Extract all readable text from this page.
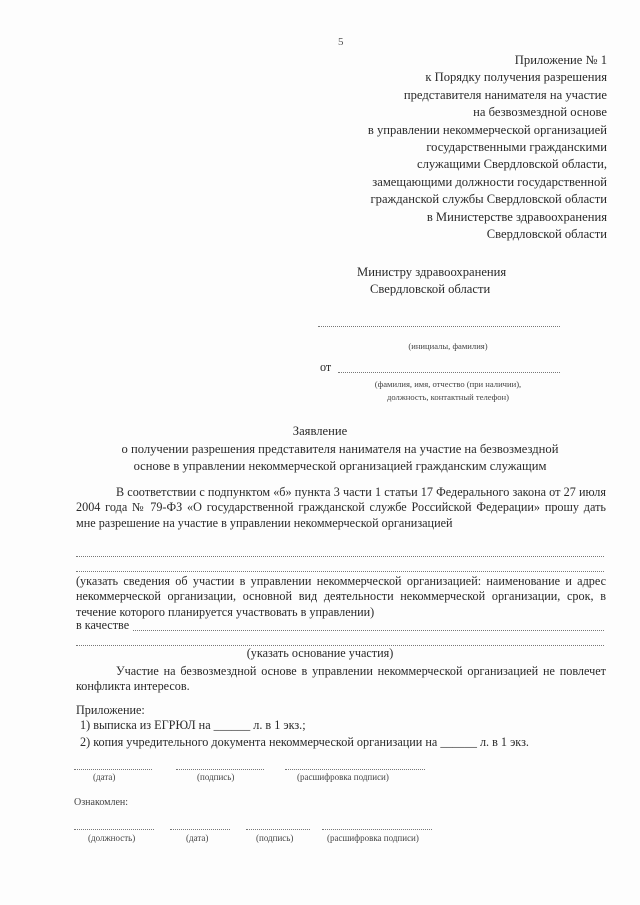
5
Приложение № 1
к Порядку получения разрешения
представителя нанимателя на участие
на безвозмездной основе
в управлении некоммерческой организацией
государственными гражданскими
служащими Свердловской области,
замещающими должности государственной
гражданской службы Свердловской области
в Министерстве здравоохранения
Свердловской области
Министру здравоохранения
Свердловской области
(инициалы, фамилия)
от
(фамилия, имя, отчество (при наличии),
должность, контактный телефон)
Заявление
о получении разрешения представителя нанимателя на участие на безвозмездной
основе в управлении некоммерческой организацией гражданским служащим
В соответствии с подпунктом «б» пункта 3 части 1 статьи 17 Федерального закона от 27 июля 2004 года № 79-ФЗ «О государственной гражданской службе Российской Федерации» прошу дать мне разрешение на участие в управлении некоммерческой организацией
(указать сведения об участии в управлении некоммерческой организацией: наименование и адрес некоммерческой организации, основной вид деятельности некоммерческой организации, срок, в течение которого планируется участвовать в управлении)
в качестве
(указать основание участия)
Участие на безвозмездной основе в управлении некоммерческой организацией не повлечет конфликта интересов.
Приложение:
1) выписка из ЕГРЮЛ на ______ л. в 1 экз.;
2) копия учредительного документа некоммерческой организации на ______ л. в 1 экз.
(дата)	(подпись)	(расшифровка подписи)
Ознакомлен:
(должность)	(дата)	(подпись)	(расшифровка подписи)
